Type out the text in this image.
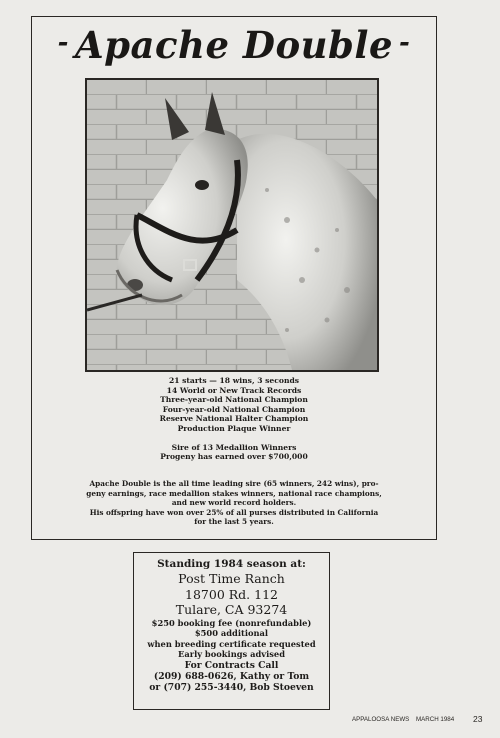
- Apache Double -
21 starts — 18 wins, 3 seconds
14 World or New Track Records
Three-year-old National Champion
Four-year-old National Champion
Reserve National Halter Champion
Production Plaque Winner
Sire of 13 Medallion Winners
Progeny has earned over $700,000
Apache Double is the all time leading sire (65 winners, 242 wins), pro-
geny earnings, race medallion stakes winners, national race champions,
and new world record holders.
His offspring have won over 25% of all purses distributed in California
for the last 5 years.
Standing 1984 season at:
Post Time Ranch
18700 Rd. 112
Tulare, CA 93274
$250 booking fee (nonrefundable)
$500 additional
when breeding certificate requested
Early bookings advised
For Contracts Call
(209) 688-0626, Kathy or Tom
or (707) 255-3440, Bob Stoeven
APPALOOSA NEWS MARCH 1984 23
